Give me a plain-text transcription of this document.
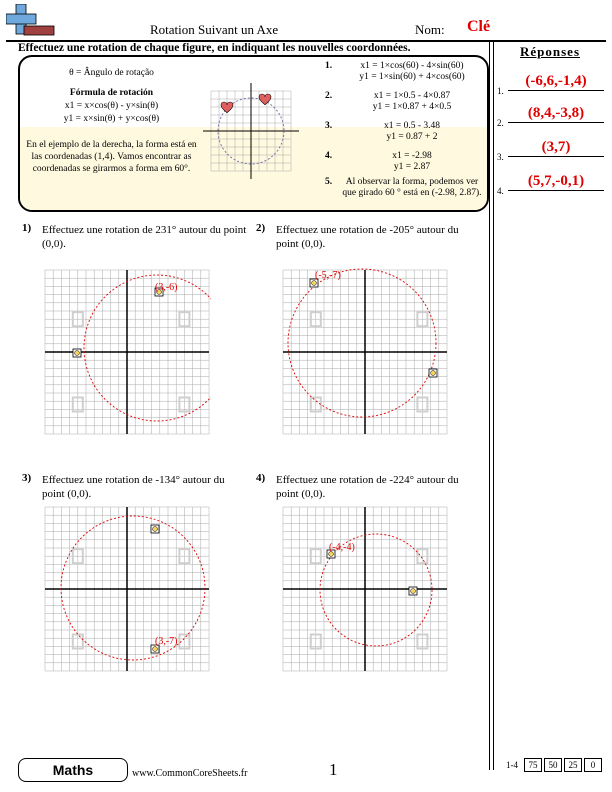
Rotation Suivant un Axe	Nom: Clé
Effectuez une rotation de chaque figure, en indiquant les nouvelles coordonnées.	Réponses
θ = Ângulo de rotação
Fórmula de rotación
x1 = x×cos(θ) - y×sin(θ)
y1 = x×sin(θ) + y×cos(θ)
En el ejemplo de la derecha, la forma está en las coordenadas (1,4). Vamos encontrar as coordenadas se girarmos a forma em 60°.
1.	x1 = 1×cos(60) - 4×sin(60)
y1 = 1×sin(60) + 4×cos(60)
2.	x1 = 1×0.5 - 4×0.87
y1 = 1×0.87 + 4×0.5
3.	x1 = 0.5 - 3.48
y1 = 0.87 + 2
4.	x1 = -2.98
y1 = 2.87
5.	Al observar la forma, podemos ver que girado 60 ° está en (-2.98, 2.87).
1.
(-6,6,-1,4)
2.
(8,4,-3,8)
3.
(3,7)
4.
(5,7,-0,1)
1) Effectuez une rotation de 231° autour du point (0,0).
(3,-6)
2) Effectuez une rotation de -205° autour du point (0,0).
(-5,-7)
3) Effectuez une rotation de -134° autour du point (0,0).
(3,-7)
4) Effectuez une rotation de -224° autour du point (0,0).
(-4,-4)
Maths	www.CommonCoreSheets.fr	1	1-4	75	50	25	0
